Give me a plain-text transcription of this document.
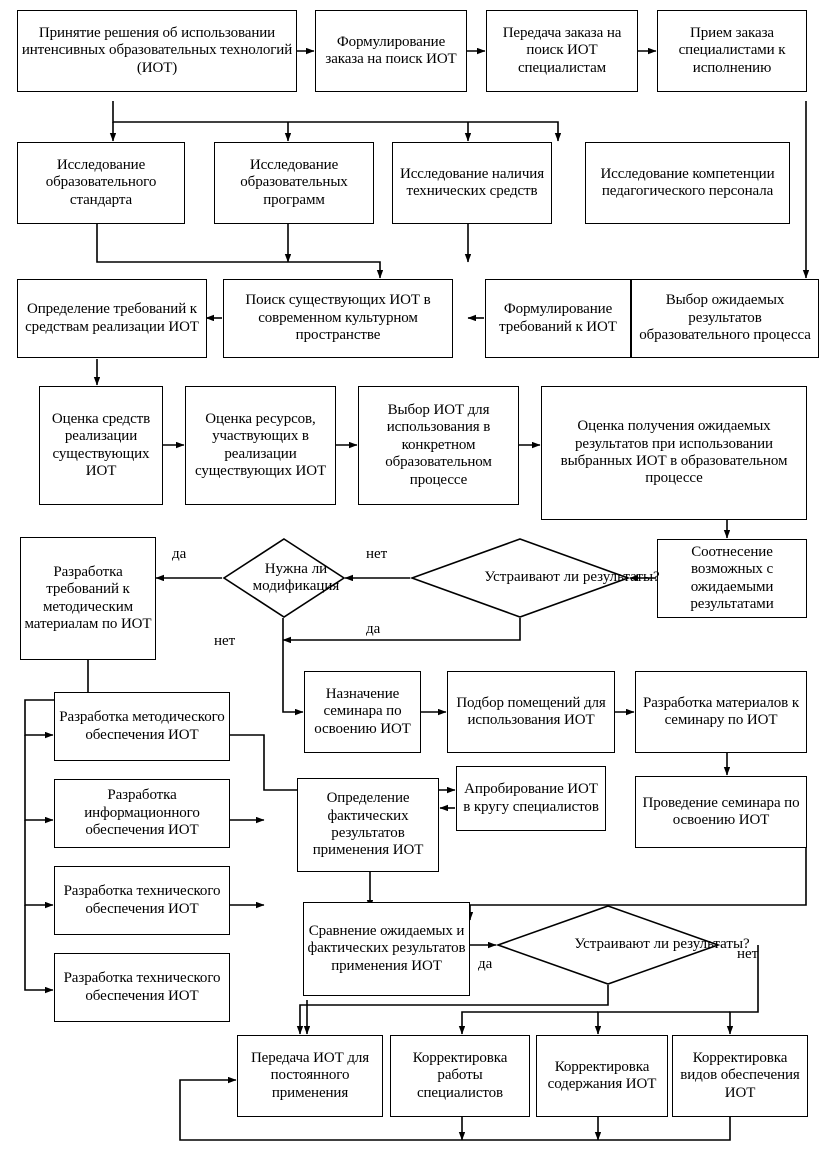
Принятие решения об использовании интенсивных образовательных технологий (ИОТ)
Формулирование заказа на поиск ИОТ
Передача заказа на поиск ИОТ специалистам
Прием заказа специалистами к исполнению
Исследование образовательного стандарта
Исследование образовательных программ
Исследование наличия технических средств
Исследование компетенции педагогического персонала
Определение требований к средствам реализации ИОТ
Поиск существующих ИОТ в современном культурном пространстве
Формулирование требований к ИОТ
Выбор ожидаемых результатов образовательного процесса
Оценка средств реализации существующих ИОТ
Оценка ресурсов, участвующих в реализации существующих ИОТ
Выбор ИОТ для использования в конкретном образовательном процессе
Оценка получения ожидаемых результатов при использовании выбранных ИОТ в образовательном процессе
Разработка требований к методическим материалам по ИОТ
Соотнесение возможных с ожидаемыми результатами
Нужна ли модификация
Устраивают ли результаты?
да	нет
нет
да
Назначение семинара по освоению ИОТ
Подбор помещений для использования ИОТ
Разработка материалов к семинару по ИОТ
Разработка методического обеспечения ИОТ
Разработка информационного обеспечения ИОТ
Разработка технического обеспечения ИОТ
Разработка технического обеспечения ИОТ
Апробирование ИОТ в кругу специалистов	Проведение семинара по освоению ИОТ
Определение фактических результатов применения ИОТ
Сравнение ожидаемых и фактических результатов применения ИОТ
Устраивают ли результаты?
да
нет
Передача ИОТ для постоянного применения
Корректировка работы специалистов
Корректировка содержания ИОТ
Корректировка видов обеспечения ИОТ
